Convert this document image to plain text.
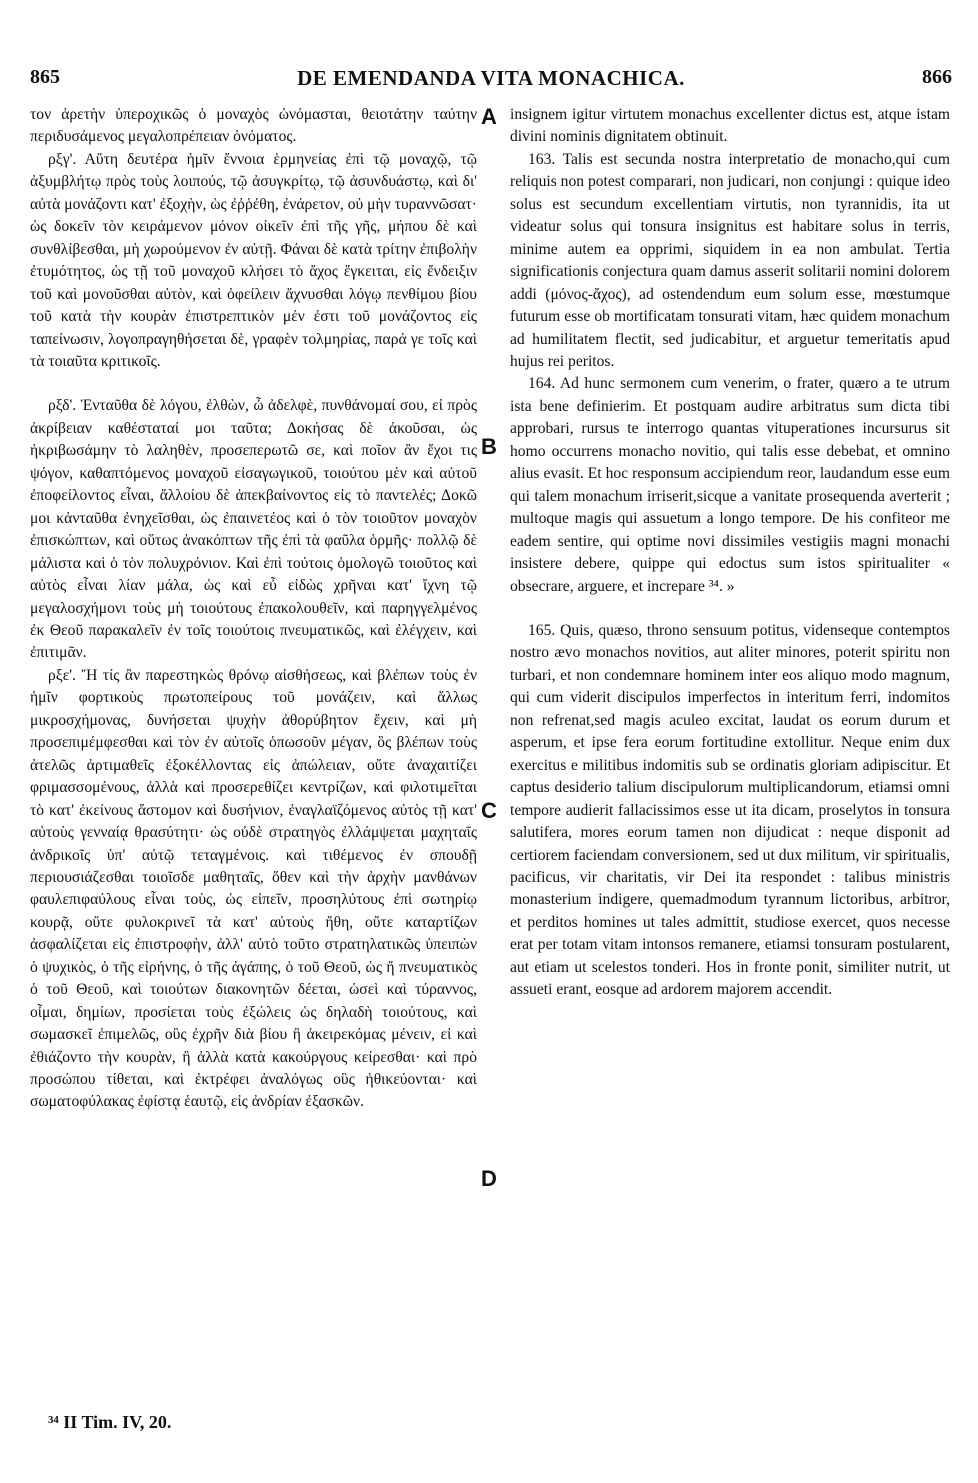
865	DE EMENDANDA VITA MONACHICA.	866
A
B
C
D

τον ἀρετὴν ὑπεροχικῶς ὁ μοναχὸς ὠνόμασται, θειοτάτην ταύτην περιδυσάμενος μεγαλοπρέπειαν ὀνόματος.

ρξγ'. Αὕτη δευτέρα ἡμῖν ἔννοια ἑρμηνείας ἐπὶ τῷ μοναχῷ, τῷ ἀξυμβλήτῳ πρὸς τοὺς λοιπούς, τῷ ἀσυγκρίτῳ, τῷ ἀσυνδυάστῳ, καὶ δι' αὐτὰ μονάζοντι κατ' ἐξοχὴν, ὡς ἐῤῥέθη, ἐνάρετον, οὐ μὴν τυραννῶσατ· ὡς δοκεῖν τὸν κειράμενον μόνον οἰκεῖν ἐπὶ τῆς γῆς, μήπου δὲ καὶ συνθλίβεσθαι, μὴ χωρούμενον ἐν αὐτῇ. Φάναι δὲ κατὰ τρίτην ἐπιβολὴν ἐτυμότητος, ὡς τῇ τοῦ μοναχοῦ κλήσει τὸ ἄχος ἔγκειται, εἰς ἔνδειξιν τοῦ καὶ μονοῦσθαι αὐτὸν, καὶ ὀφείλειν ἄχνυσθαι λόγῳ πενθίμου βίου τοῦ κατὰ τὴν κουρὰν ἐπιστρεπτικὸν μέν ἐστι τοῦ μονάζοντος εἰς ταπείνωσιν, λογοπραγηθήσεται δὲ, γραφὲν τολμηρίας, παρά γε τοῖς καὶ τὰ τοιαῦτα κριτικοῖς.

ρξδ'. Ἐνταῦθα δὲ λόγου, ἐλθὼν, ὦ ἀδελφὲ, πυνθάνομαί σου, εἰ πρὸς ἀκρίβειαν καθέσταταί μοι ταῦτα; Δοκήσας δὲ ἀκοῦσαι, ὡς ἠκριβωσάμην τὸ λαληθὲν, προσεπερωτῶ σε, καὶ ποῖον ἂν ἔχοι τις ψόγον, καθαπτόμενος μοναχοῦ εἰσαγωγικοῦ, τοιούτου μὲν καὶ αὐτοῦ ἐποφείλοντος εἶναι, ἄλλοίου δὲ ἀπεκβαίνοντος εἰς τὸ παντελές; Δοκῶ μοι κἀνταῦθα ἐνηχεῖσθαι, ὡς ἐπαινετέος καὶ ὁ τὸν τοιοῦτον μοναχὸν ἐπισκώπτων, καὶ οὕτως ἀνακόπτων τῆς ἐπὶ τὰ φαῦλα ὁρμῆς· πολλῷ δὲ μάλιστα καὶ ὁ τὸν πολυχρόνιον. Καὶ ἐπὶ τούτοις ὁμολογῶ τοιοῦτος καὶ αὐτὸς εἶναι λίαν μάλα, ὡς καὶ εὖ εἰδὼς χρῆναι κατ' ἴχνη τῷ μεγαλοσχήμονι τοὺς μὴ τοιούτους ἐπακολουθεῖν, καὶ παρηγγελμένος ἐκ Θεοῦ παρακαλεῖν ἐν τοῖς τοιούτοις πνευματικῶς, καὶ ἐλέγχειν, καὶ ἐπιτιμᾶν.

ρξε'. Ἤ τίς ἂν παρεστηκὼς θρόνῳ αἰσθήσεως, καὶ βλέπων τοὺς ἐν ἡμῖν φορτικοὺς πρωτοπείρους τοῦ μονάζειν, καὶ ἄλλως μικροσχήμονας, δυνήσεται ψυχὴν ἀθορύβητον ἔχειν, καὶ μὴ προσεπιμέμφεσθαι καὶ τὸν ἐν αὐτοῖς ὁπωσοῦν μέγαν, ὃς βλέπων τοὺς ἀτελῶς ἀρτιμαθεῖς ἐξοκέλλοντας εἰς ἀπώλειαν, οὔτε ἀναχαιτίζει φριμασσομένους, ἀλλὰ καὶ προσερεθίζει κεντρίζων, καὶ φιλοτιμεῖται τὸ κατ' ἐκείνους ἄστομον καὶ δυσήνιον, ἐναγλαϊζόμενος αὐτὸς τῇ κατ' αὐτοὺς γενναίᾳ θρασύτητι· ὡς οὐδὲ στρατηγὸς ἐλλάμψεται μαχηταῖς ἀνδρικοῖς ὑπ' αὐτῷ τεταγμένοις. καὶ τιθέμενος ἐν σπουδῇ περιουσιάζεσθαι τοιοῖσδε μαθηταῖς, ὅθεν καὶ τὴν ἀρχὴν μανθάνων φαυλεπιφαύλους εἶναι τοὺς, ὡς εἰπεῖν, προσηλύτους ἐπὶ σωτηρίῳ κουρᾷ, οὔτε φυλοκρινεῖ τὰ κατ' αὐτοὺς ἤθη, οὔτε καταρτίζων ἀσφαλίζεται εἰς ἐπιστροφὴν, ἀλλ' αὐτὸ τοῦτο στρατηλατικῶς ὑπειπὼν ὁ ψυχικὸς, ὁ τῆς εἰρήνης, ὁ τῆς ἀγάπης, ὁ τοῦ Θεοῦ, ὡς ἤ πνευματικὸς ὁ τοῦ Θεοῦ, καὶ τοιούτων διακονητῶν δέεται, ὡσεὶ καὶ τύραννος, οἶμαι, δημίων, προσίεται τοὺς ἐξώλεις ὡς δηλαδὴ τοιούτους, καὶ σωμασκεῖ ἐπιμελῶς, οὓς ἐχρῆν διὰ βίου ἢ ἀκειρεκόμας μένειν, εἰ καὶ ἐθιάζοντο τὴν κουρὰν, ἢ ἀλλὰ κατὰ κακούργους κείρεσθαι· καὶ πρὸ προσώπου τίθεται, καὶ ἐκτρέφει ἀναλόγως οὓς ἠθικεύονται· καὶ σωματοφύλακας ἐφίστᾳ ἑαυτῷ, εἰς ἀνδρίαν ἐξασκῶν.

insignem igitur virtutem monachus excellenter dictus est, atque istam divini nominis dignitatem obtinuit.

163. Talis est secunda nostra interpretatio de monacho,qui cum reliquis non potest comparari, non judicari, non conjungi : quique ideo solus est secundum excellentiam virtutis, non tyrannidis, ita ut videatur solus qui tonsura insignitus est habitare solus in terris, minime autem ea opprimi, siquidem in ea non ambulat. Tertia significationis conjectura quam damus asserit solitarii nomini dolorem addi (μόνος-ἄχος), ad ostendendum eum solum esse, mœstumque futurum esse ob mortificatam tonsurati vitam, hæc quidem monachum ad humilitatem flectit, sed judicabitur, et arguetur temeritatis apud hujus rei peritos.

164. Ad hunc sermonem cum venerim, o frater, quæro a te utrum ista bene definierim. Et postquam audire arbitratus sum dicta tibi approbari, rursus te interrogo quantas vituperationes incursurus sit homo occurrens monacho novitio, qui talis esse debebat, et omnino alius evasit. Et hoc responsum accipiendum reor, laudandum esse eum qui talem monachum irriserit,sicque a vanitate prosequenda averterit ; multoque magis qui assuetum a longo tempore. De his confiteor me eadem sentire, qui optime novi dissimiles vestigiis magni monachi insistere debere, quippe qui edoctus sum istos spiritualiter « obsecrare, arguere, et increpare ³⁴. »

165. Quis, quæso, throno sensuum potitus, videnseque contemptos nostro ævo monachos novitios, aut aliter minores, poterit spiritu non turbari, et non condemnare hominem inter eos aliquo modo magnum, qui cum viderit discipulos imperfectos in interitum ferri, indomitos non refrenat,sed magis aculeo excitat, laudat os eorum durum et asperum, et ipse fera eorum fortitudine extollitur. Neque enim dux exercitus e militibus indomitis sub se ordinatis gloriam adipiscitur. Et captus desiderio talium discipulorum multiplicandorum, etiamsi omni tempore audierit fallacissimos esse ut ita dicam, proselytos in tonsura salutifera, mores eorum tamen non dijudicat : neque disponit ad certiorem faciendam conversionem, sed ut dux militum, vir spiritualis, pacificus, vir charitatis, vir Dei ita respondet : talibus ministris monasterium indigere, quemadmodum tyrannum lictoribus, arbitror, et perditos homines ut tales admittit, studiose exercet, quos necesse erat per totam vitam intonsos remanere, etiamsi tonsuram postularent, aut etiam ut scelestos tonderi. Hos in fronte ponit, similiter nutrit, ut assueti erant, eosque ad ardorem majorem accendit.

³⁴ II Tim. IV, 20.
